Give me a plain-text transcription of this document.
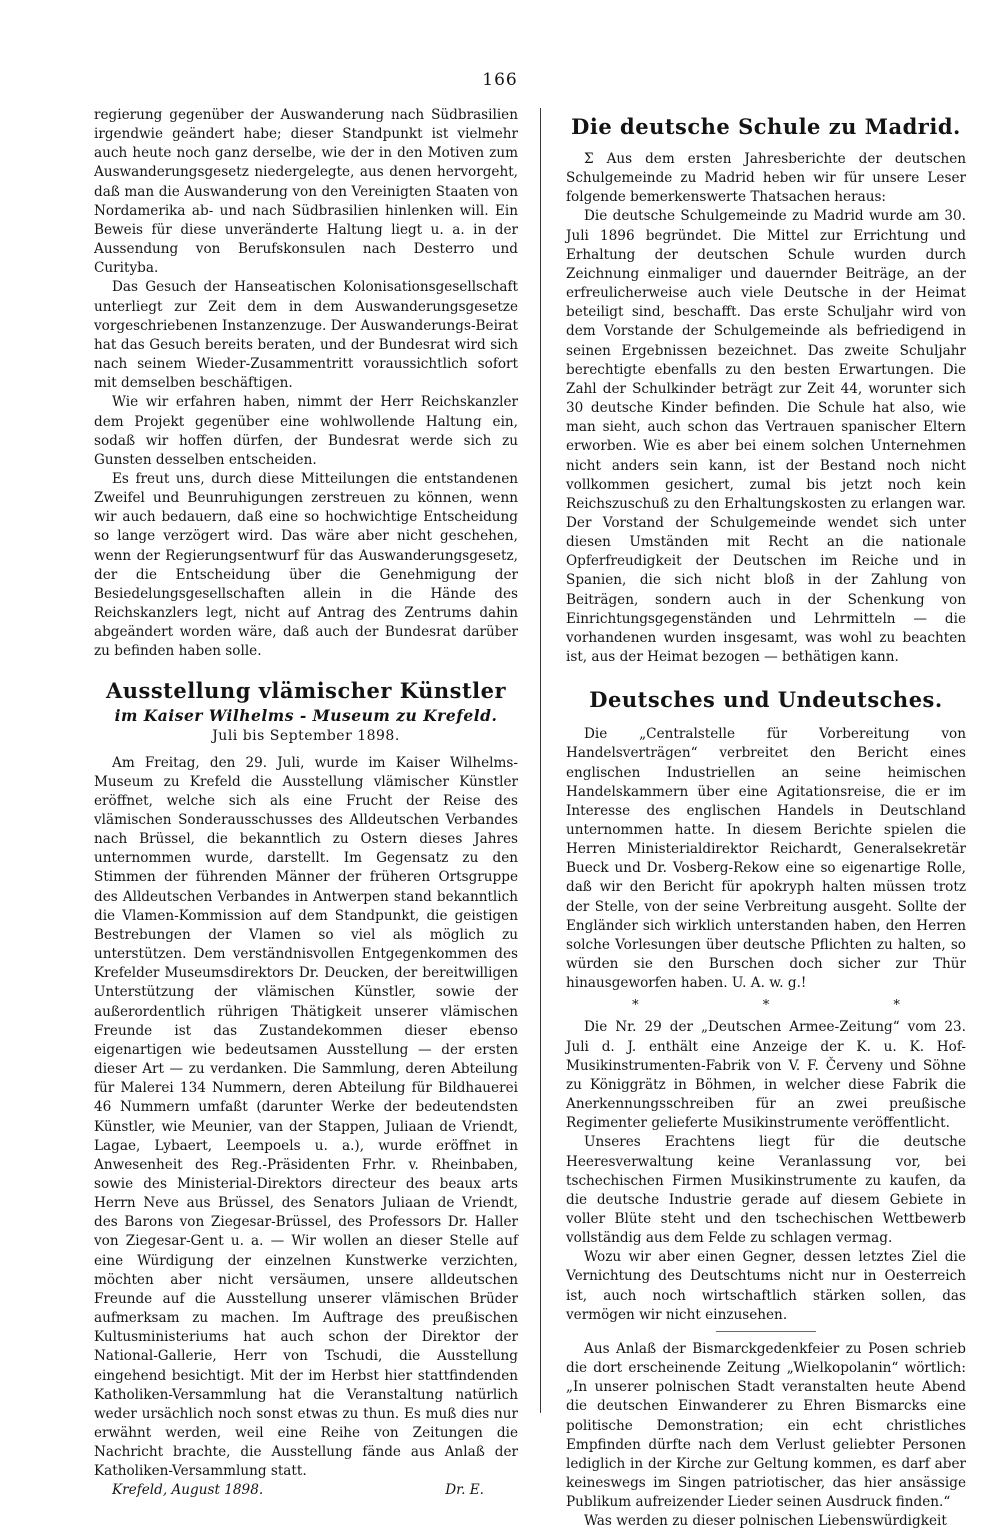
166

regierung gegenüber der Auswanderung nach Südbrasilien irgendwie geändert habe; dieser Standpunkt ist vielmehr auch heute noch ganz derselbe, wie der in den Motiven zum Auswanderungsgesetz niedergelegte, aus denen hervorgeht, daß man die Auswanderung von den Vereinigten Staaten von Nordamerika ab- und nach Südbrasilien hinlenken will. Ein Beweis für diese unveränderte Haltung liegt u. a. in der Aussendung von Berufskonsulen nach Desterro und Curityba.

Das Gesuch der Hanseatischen Kolonisationsgesellschaft unterliegt zur Zeit dem in dem Auswanderungsgesetze vorgeschriebenen Instanzenzuge. Der Auswanderungs-Beirat hat das Gesuch bereits beraten, und der Bundesrat wird sich nach seinem Wieder-Zusammentritt voraussichtlich sofort mit demselben beschäftigen.

Wie wir erfahren haben, nimmt der Herr Reichskanzler dem Projekt gegenüber eine wohlwollende Haltung ein, sodaß wir hoffen dürfen, der Bundesrat werde sich zu Gunsten desselben entscheiden.

Es freut uns, durch diese Mitteilungen die entstandenen Zweifel und Beunruhigungen zerstreuen zu können, wenn wir auch bedauern, daß eine so hochwichtige Entscheidung so lange verzögert wird. Das wäre aber nicht geschehen, wenn der Regierungsentwurf für das Auswanderungsgesetz, der die Entscheidung über die Genehmigung der Besiedelungsgesellschaften allein in die Hände des Reichskanzlers legt, nicht auf Antrag des Zentrums dahin abgeändert worden wäre, daß auch der Bundesrat darüber zu befinden haben solle.

Ausstellung vlämischer Künstler
im Kaiser Wilhelms - Museum zu Krefeld.
Juli bis September 1898.

Am Freitag, den 29. Juli, wurde im Kaiser Wilhelms-Museum zu Krefeld die Ausstellung vlämischer Künstler eröffnet, welche sich als eine Frucht der Reise des vlämischen Sonderausschusses des Alldeutschen Verbandes nach Brüssel, die bekanntlich zu Ostern dieses Jahres unternommen wurde, darstellt. Im Gegensatz zu den Stimmen der führenden Männer der früheren Ortsgruppe des Alldeutschen Verbandes in Antwerpen stand bekanntlich die Vlamen-Kommission auf dem Standpunkt, die geistigen Bestrebungen der Vlamen so viel als möglich zu unterstützen. Dem verständnisvollen Entgegenkommen des Krefelder Museumsdirektors Dr. Deucken, der bereitwilligen Unterstützung der vlämischen Künstler, sowie der außerordentlich rührigen Thätigkeit unserer vlämischen Freunde ist das Zustandekommen dieser ebenso eigenartigen wie bedeutsamen Ausstellung — der ersten dieser Art — zu verdanken. Die Sammlung, deren Abteilung für Malerei 134 Nummern, deren Abteilung für Bildhauerei 46 Nummern umfaßt (darunter Werke der bedeutendsten Künstler, wie Meunier, van der Stappen, Juliaan de Vriendt, Lagae, Lybaert, Leempoels u. a.), wurde eröffnet in Anwesenheit des Reg.-Präsidenten Frhr. v. Rheinbaben, sowie des Ministerial-Direktors directeur des beaux arts Herrn Neve aus Brüssel, des Senators Juliaan de Vriendt, des Barons von Ziegesar-Brüssel, des Professors Dr. Haller von Ziegesar-Gent u. a. — Wir wollen an dieser Stelle auf eine Würdigung der einzelnen Kunstwerke verzichten, möchten aber nicht versäumen, unsere alldeutschen Freunde auf die Ausstellung unserer vlämischen Brüder aufmerksam zu machen. Im Auftrage des preußischen Kultusministeriums hat auch schon der Direktor der National-Gallerie, Herr von Tschudi, die Ausstellung eingehend besichtigt. Mit der im Herbst hier stattfindenden Katholiken-Versammlung hat die Veranstaltung natürlich weder ursächlich noch sonst etwas zu thun. Es muß dies nur erwähnt werden, weil eine Reihe von Zeitungen die Nachricht brachte, die Ausstellung fände aus Anlaß der Katholiken-Versammlung statt.

Krefeld, August 1898.	Dr. E.
Die deutsche Schule zu Madrid.

Σ Aus dem ersten Jahresberichte der deutschen Schulgemeinde zu Madrid heben wir für unsere Leser folgende bemerkenswerte Thatsachen heraus:

Die deutsche Schulgemeinde zu Madrid wurde am 30. Juli 1896 begründet. Die Mittel zur Errichtung und Erhaltung der deutschen Schule wurden durch Zeichnung einmaliger und dauernder Beiträge, an der erfreulicherweise auch viele Deutsche in der Heimat beteiligt sind, beschafft. Das erste Schuljahr wird von dem Vorstande der Schulgemeinde als befriedigend in seinen Ergebnissen bezeichnet. Das zweite Schuljahr berechtigte ebenfalls zu den besten Erwartungen. Die Zahl der Schulkinder beträgt zur Zeit 44, worunter sich 30 deutsche Kinder befinden. Die Schule hat also, wie man sieht, auch schon das Vertrauen spanischer Eltern erworben. Wie es aber bei einem solchen Unternehmen nicht anders sein kann, ist der Bestand noch nicht vollkommen gesichert, zumal bis jetzt noch kein Reichszuschuß zu den Erhaltungskosten zu erlangen war. Der Vorstand der Schulgemeinde wendet sich unter diesen Umständen mit Recht an die nationale Opferfreudigkeit der Deutschen im Reiche und in Spanien, die sich nicht bloß in der Zahlung von Beiträgen, sondern auch in der Schenkung von Einrichtungsgegenständen und Lehrmitteln — die vorhandenen wurden insgesamt, was wohl zu beachten ist, aus der Heimat bezogen — bethätigen kann.

Deutsches und Undeutsches.

Die „Centralstelle für Vorbereitung von Handelsverträgen“ verbreitet den Bericht eines englischen Industriellen an seine heimischen Handelskammern über eine Agitationsreise, die er im Interesse des englischen Handels in Deutschland unternommen hatte. In diesem Berichte spielen die Herren Ministerialdirektor Reichardt, Generalsekretär Bueck und Dr. Vosberg-Rekow eine so eigenartige Rolle, daß wir den Bericht für apokryph halten müssen trotz der Stelle, von der seine Verbreitung ausgeht. Sollte der Engländer sich wirklich unterstanden haben, den Herren solche Vorlesungen über deutsche Pflichten zu halten, so würden sie den Burschen doch sicher zur Thür hinausgeworfen haben. U. A. w. g.!

* * *

Die Nr. 29 der „Deutschen Armee-Zeitung“ vom 23. Juli d. J. enthält eine Anzeige der K. u. K. Hof-Musikinstrumenten-Fabrik von V. F. Červeny und Söhne zu Königgrätz in Böhmen, in welcher diese Fabrik die Anerkennungsschreiben für an zwei preußische Regimenter gelieferte Musikinstrumente veröffentlicht.

Unseres Erachtens liegt für die deutsche Heeresverwaltung keine Veranlassung vor, bei tschechischen Firmen Musikinstrumente zu kaufen, da die deutsche Industrie gerade auf diesem Gebiete in voller Blüte steht und den tschechischen Wettbewerb vollständig aus dem Felde zu schlagen vermag.

Wozu wir aber einen Gegner, dessen letztes Ziel die Vernichtung des Deutschtums nicht nur in Oesterreich ist, auch noch wirtschaftlich stärken sollen, das vermögen wir nicht einzusehen.

Aus Anlaß der Bismarckgedenkfeier zu Posen schrieb die dort erscheinende Zeitung „Wielkopolanin“ wörtlich: „In unserer polnischen Stadt veranstalten heute Abend die deutschen Einwanderer zu Ehren Bismarcks eine politische Demonstration; ein echt christliches Empfinden dürfte nach dem Verlust geliebter Personen lediglich in der Kirche zur Geltung kommen, es darf aber keineswegs im Singen patriotischer, das hier ansässige Publikum aufreizender Lieder seinen Ausdruck finden.“

Was werden zu dieser polnischen Liebenswürdigkeit
